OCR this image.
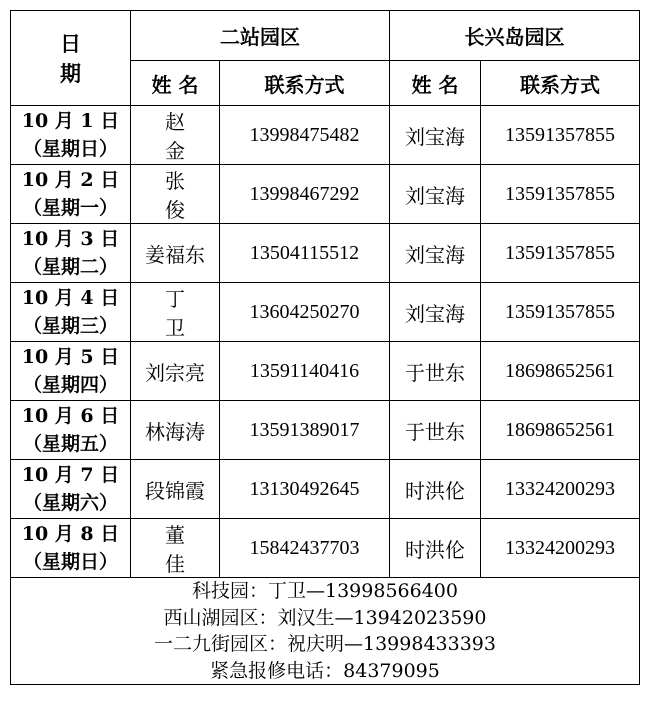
日 期	二站园区		长兴岛园区	
	姓 名	联系方式	姓 名	联系方式

10 月 1 日
（星期日）	赵金	13998475482	刘宝海	13591357855

10 月 2 日
（星期一）	张俊	13998467292	刘宝海	13591357855

10 月 3 日
（星期二）	姜福东	13504115512	刘宝海	13591357855

10 月 4 日
（星期三）	丁卫	13604250270	刘宝海	13591357855

10 月 5 日
（星期四）	刘宗亮	13591140416	于世东	18698652561

10 月 6 日
（星期五）	林海涛	13591389017	于世东	18698652561

10 月 7 日
（星期六）	段锦霞	13130492645	时洪伦	13324200293

10 月 8 日
（星期日）	董佳	15842437703	时洪伦	13324200293

科技园：丁卫—13998566400
西山湖园区：刘汉生—13942023590
一二九街园区：祝庆明—13998433393
紧急报修电话：84379095				
